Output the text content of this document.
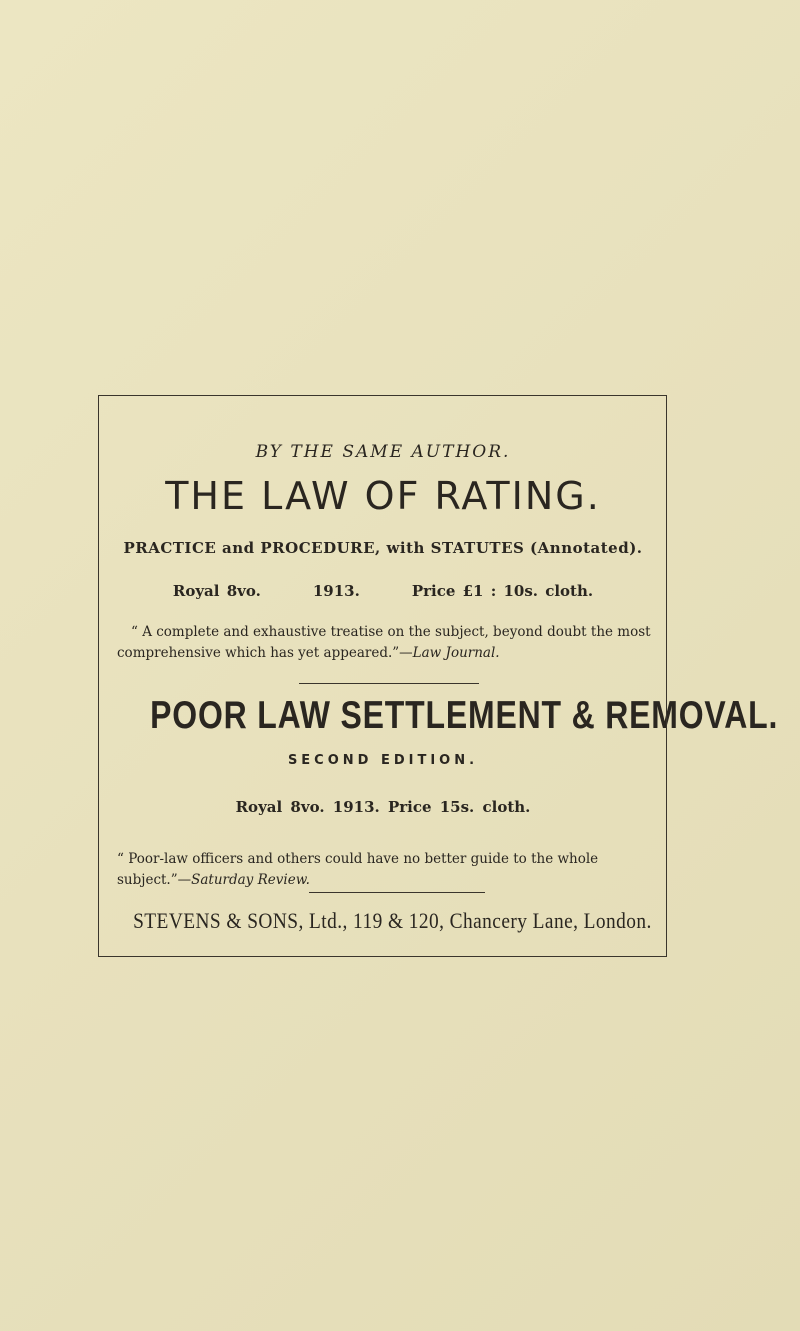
BY THE SAME AUTHOR.
THE LAW OF RATING.
PRACTICE and PROCEDURE, with STATUTES (Annotated).
Royal 8vo.	1913.	Price £1 : 10s. cloth.
“ A complete and exhaustive treatise on the subject, beyond doubt the most comprehensive which has yet appeared.”—Law Journal.
POOR LAW SETTLEMENT & REMOVAL.
SECOND EDITION.
Royal 8vo. 1913. Price 15s. cloth.
“ Poor-law officers and others could have no better guide to the whole subject.”—Saturday Review.
STEVENS & SONS, Ltd., 119 & 120, Chancery Lane, London.
